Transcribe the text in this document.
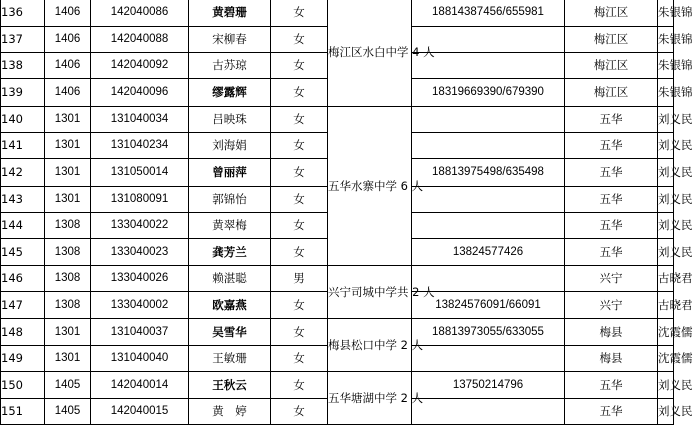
136	1406	142040086	黄碧珊	女	梅江区水白中学 4 人	18814387456/655981	梅江区	朱银锦
137	1406	142040088	宋柳春	女			梅江区	朱银锦
138	1406	142040092	古苏琼	女			梅江区	朱银锦
139	1406	142040096	缪露辉	女		18319669390/679390	梅江区	朱银锦
140	1301	131040034	吕映珠	女	五华水寨中学 6 人		五华	刘义民
141	1301	131040234	刘海娟	女			五华	刘义民
142	1301	131050014	曾丽萍	女		18813975498/635498	五华	刘义民
143	1301	131080091	郭锦怡	女			五华	刘义民
144	1308	133040022	黄翠梅	女			五华	刘义民
145	1308	133040023	龚芳兰	女		13824577426	五华	刘义民
146	1308	133040026	赖湛聪	男	兴宁司城中学共 2 人		兴宁	古晓君
147	1308	133040002	欧嘉燕	女		13824576091/66091	兴宁	古晓君
148	1301	131040037	吴雪华	女	梅县松口中学 2 人	18813973055/633055	梅县	沈霞儒
149	1301	131040040	王敏珊	女			梅县	沈霞儒
150	1405	142040014	王秋云	女	五华塘湖中学 2 人	13750214796	五华	刘义民
151	1405	142040015	黄　婷	女			五华	刘义民
